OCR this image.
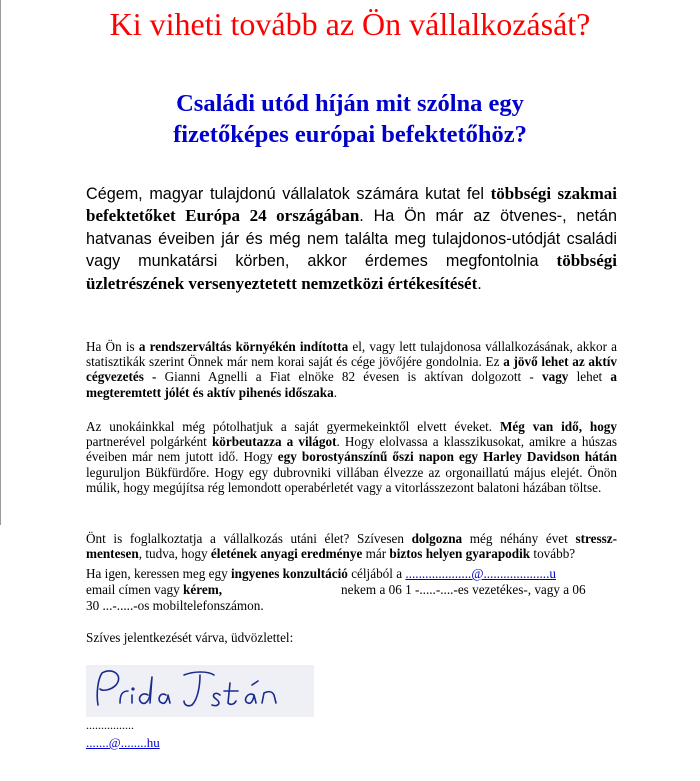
Ki viheti tovább az Ön vállalkozását?
Családi utód híján mit szólna egy
fizetőképes európai befektetőhöz?
Cégem, magyar tulajdonú vállalatok számára kutat fel többségi szakmai befektetőket Európa 24 országában. Ha Ön már az ötvenes-, netán hatvanas éveiben jár és még nem találta meg tulajdonos-utódját családi vagy munkatársi körben, akkor érdemes megfontolnia többségi üzletrészének versenyeztetett nemzetközi értékesítését.
Ha Ön is a rendszerváltás környékén indította el, vagy lett tulajdonosa vállalkozásának, akkor a statisztikák szerint Önnek már nem korai saját és cége jövőjére gondolnia. Ez a jövő lehet az aktív cégvezetés - Gianni Agnelli a Fiat elnöke 82 évesen is aktívan dolgozott - vagy lehet a megteremtett jólét és aktív pihenés időszaka.
Az unokáinkkal még pótolhatjuk a saját gyermekeinktől elvett éveket. Még van idő, hogy partnerével polgárként körbeutazza a világot. Hogy elolvassa a klasszikusokat, amikre a húszas éveiben már nem jutott idő. Hogy egy borostyánszínű őszi napon egy Harley Davidson hátán leguruljon Bükfürdőre. Hogy egy dubrovniki villában élvezze az orgonaillatú május elejét. Önön múlik, hogy megújítsa rég lemondott operabérletét vagy a vitorlásszezont balatoni házában töltse.
Önt is foglalkoztatja a vállalkozás utáni élet? Szívesen dolgozna még néhány évet stressz-mentesen, tudva, hogy életének anyagi eredménye már biztos helyen gyarapodik tovább?
Ha igen, keressen meg egy ingyenes konzultáció céljából a ....................@....................u
email címen vagy kérem,	nekem a 06 1 -.....-....-es vezetékes-, vagy a 06
30 ...-.....-os mobiltelefonszámon.
Szíves jelentkezését várva, üdvözlettel:
................
.......@........hu
